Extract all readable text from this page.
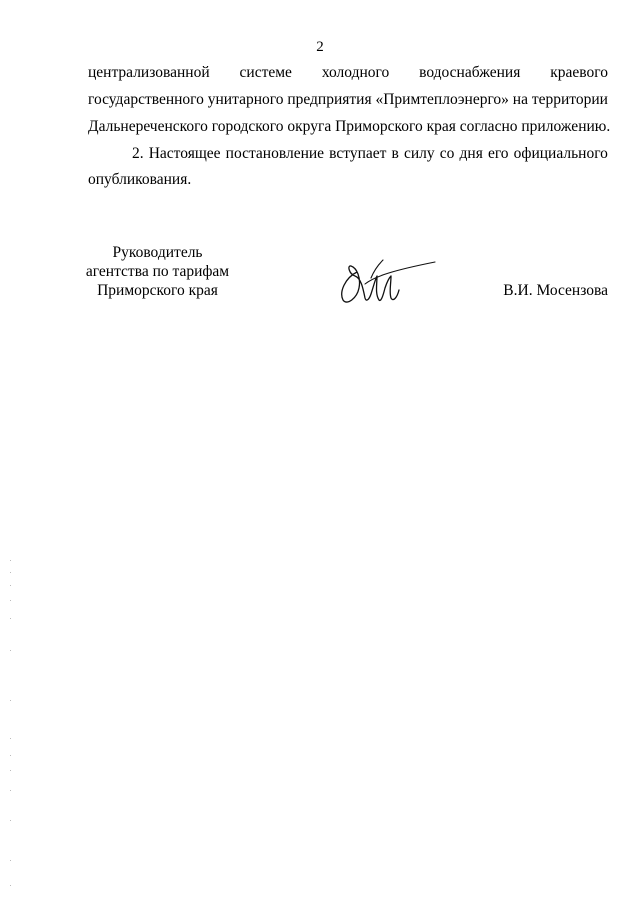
2
централизованной системе холодного водоснабжения краевого
государственного унитарного предприятия «Примтеплоэнерго» на территории
Дальнереченского городского округа Приморского края согласно приложению.
2. Настоящее постановление вступает в силу со дня его официального
опубликования.
Руководитель
агентства по тарифам
Приморского края	В.И. Мосензова
